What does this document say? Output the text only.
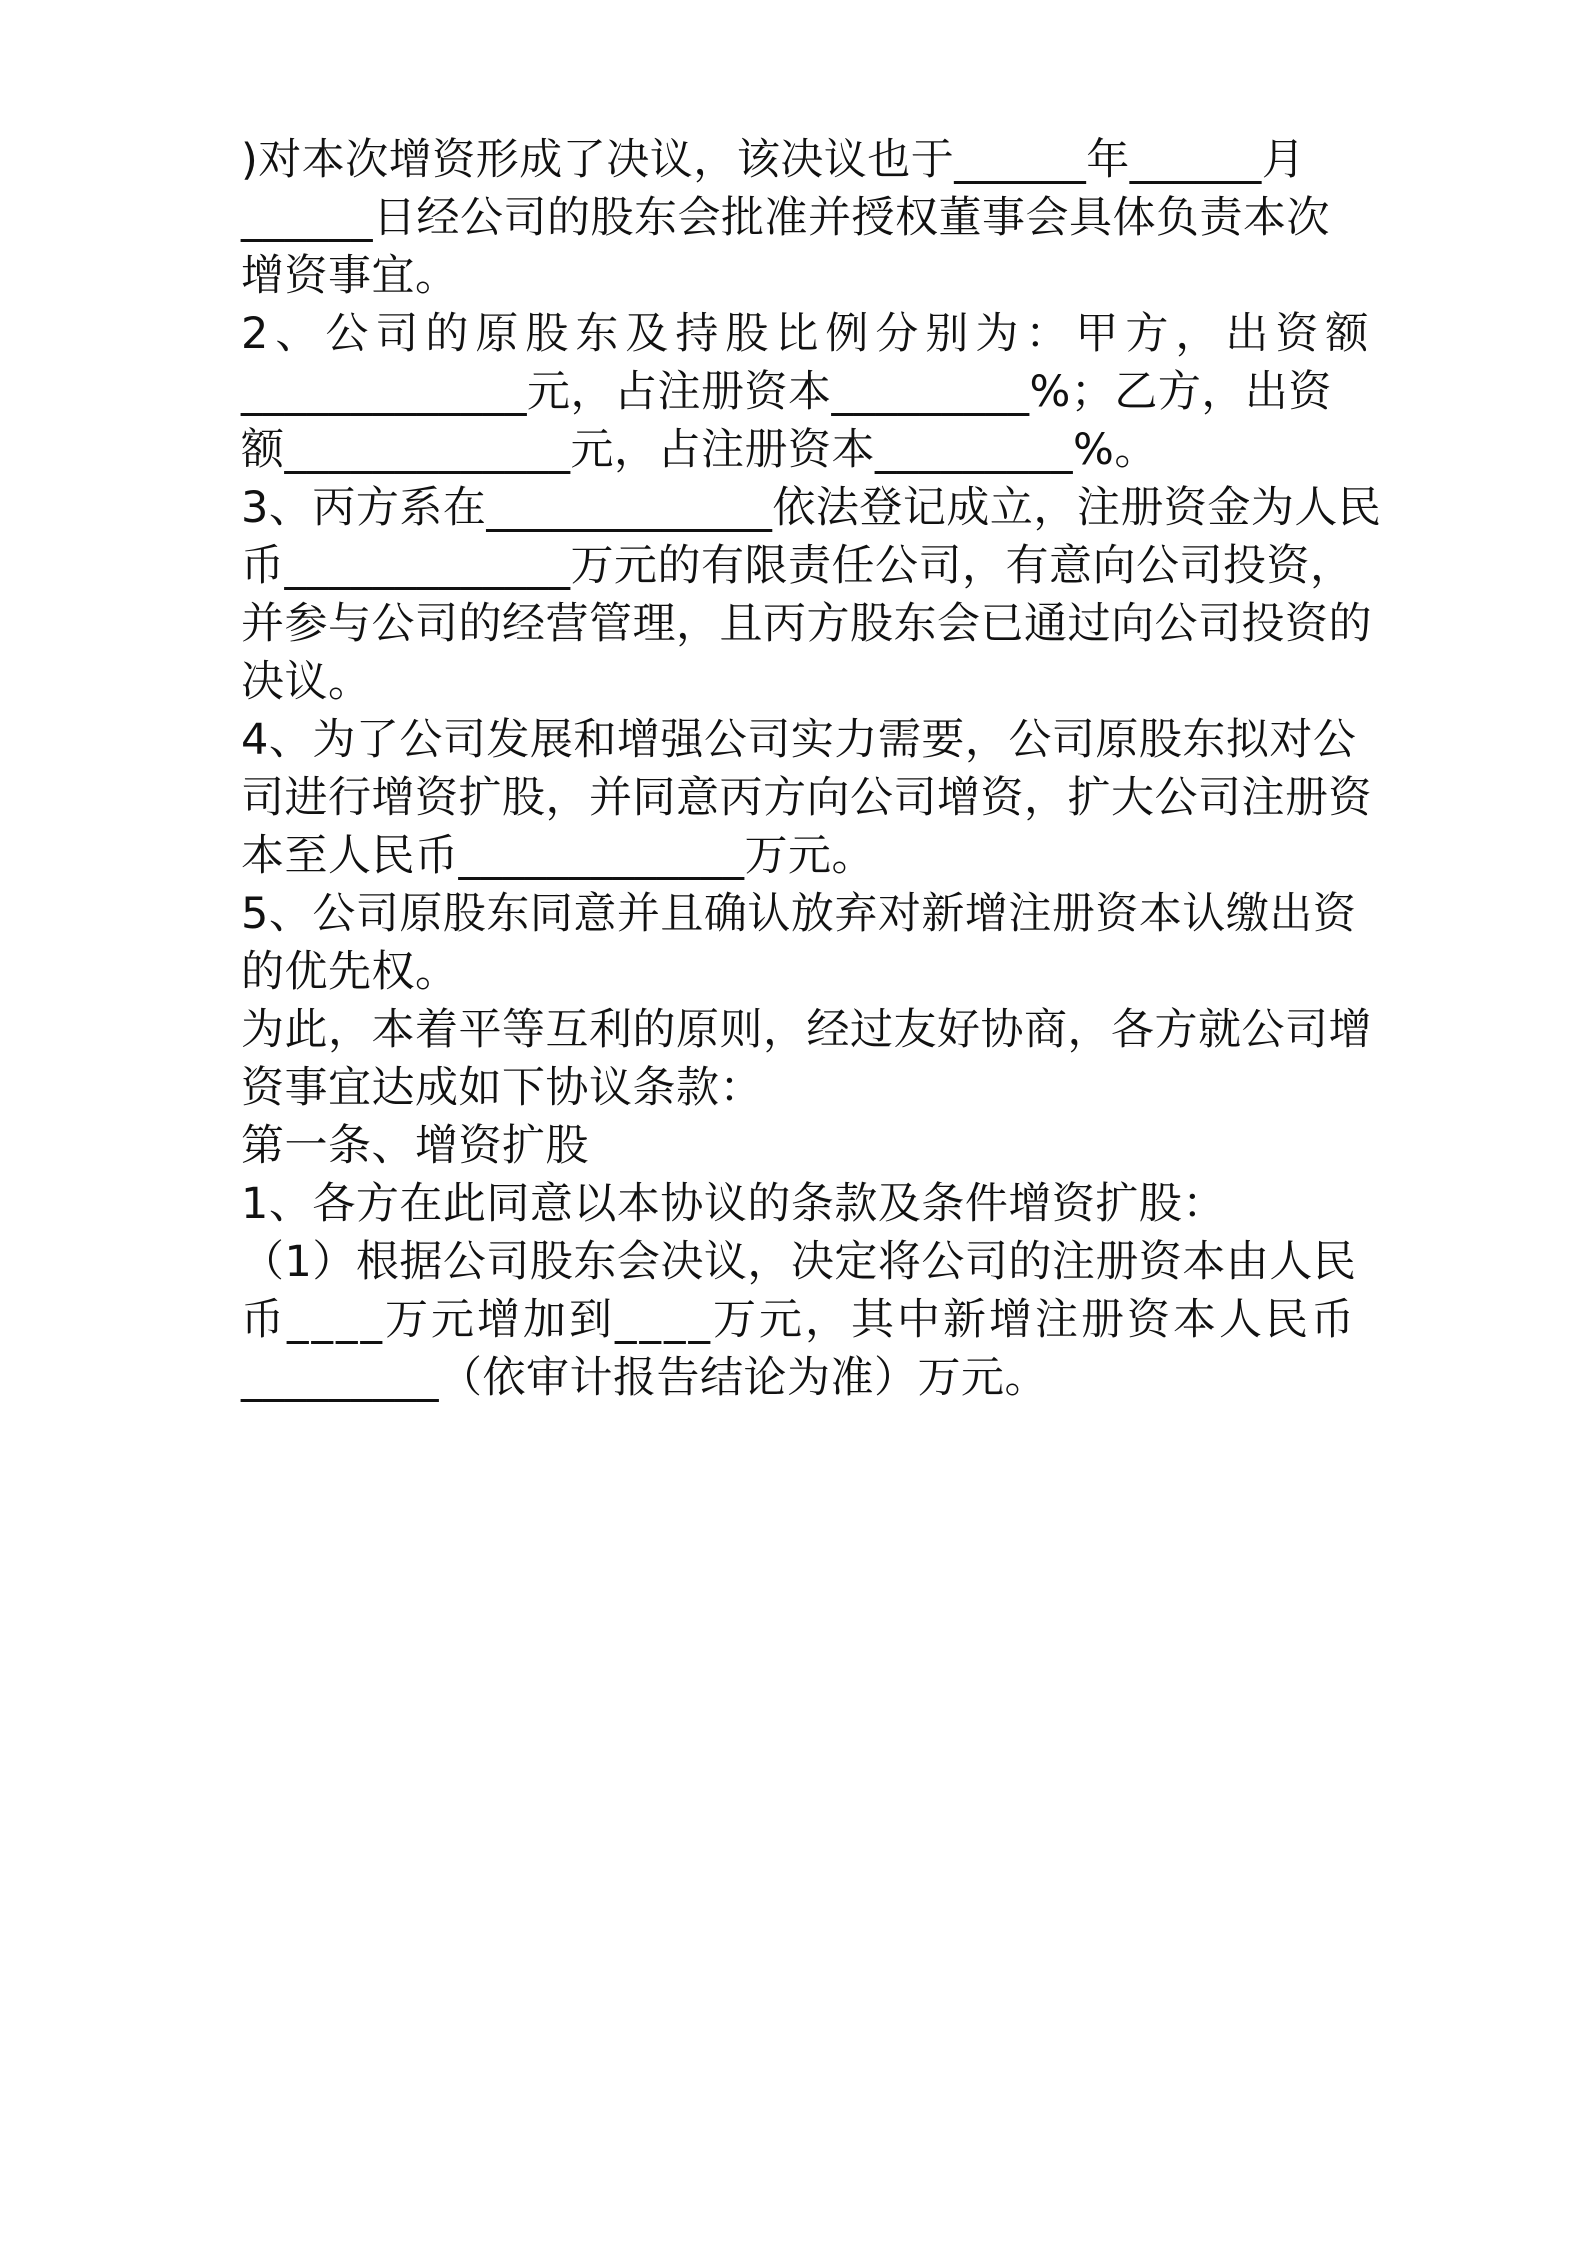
)对本次增资形成了决议，该决议也于______年______月
______日经公司的股东会批准并授权董事会具体负责本次
增资事宜。
2、公司的原股东及持股比例分别为：甲方，出资额
_____________元，占注册资本_________%；乙方，出资
额_____________元，占注册资本_________%。
3、丙方系在_____________依法登记成立，注册资金为人民
币_____________万元的有限责任公司，有意向公司投资，
并参与公司的经营管理，且丙方股东会已通过向公司投资的
决议。
4、为了公司发展和增强公司实力需要，公司原股东拟对公
司进行增资扩股，并同意丙方向公司增资，扩大公司注册资
本至人民币_____________万元。
5、公司原股东同意并且确认放弃对新增注册资本认缴出资
的优先权。
为此，本着平等互利的原则，经过友好协商，各方就公司增
资事宜达成如下协议条款：
第一条、增资扩股
1、各方在此同意以本协议的条款及条件增资扩股：
（1）根据公司股东会决议，决定将公司的注册资本由人民
币____万元增加到____万元，其中新增注册资本人民币
_________（依审计报告结论为准）万元。
